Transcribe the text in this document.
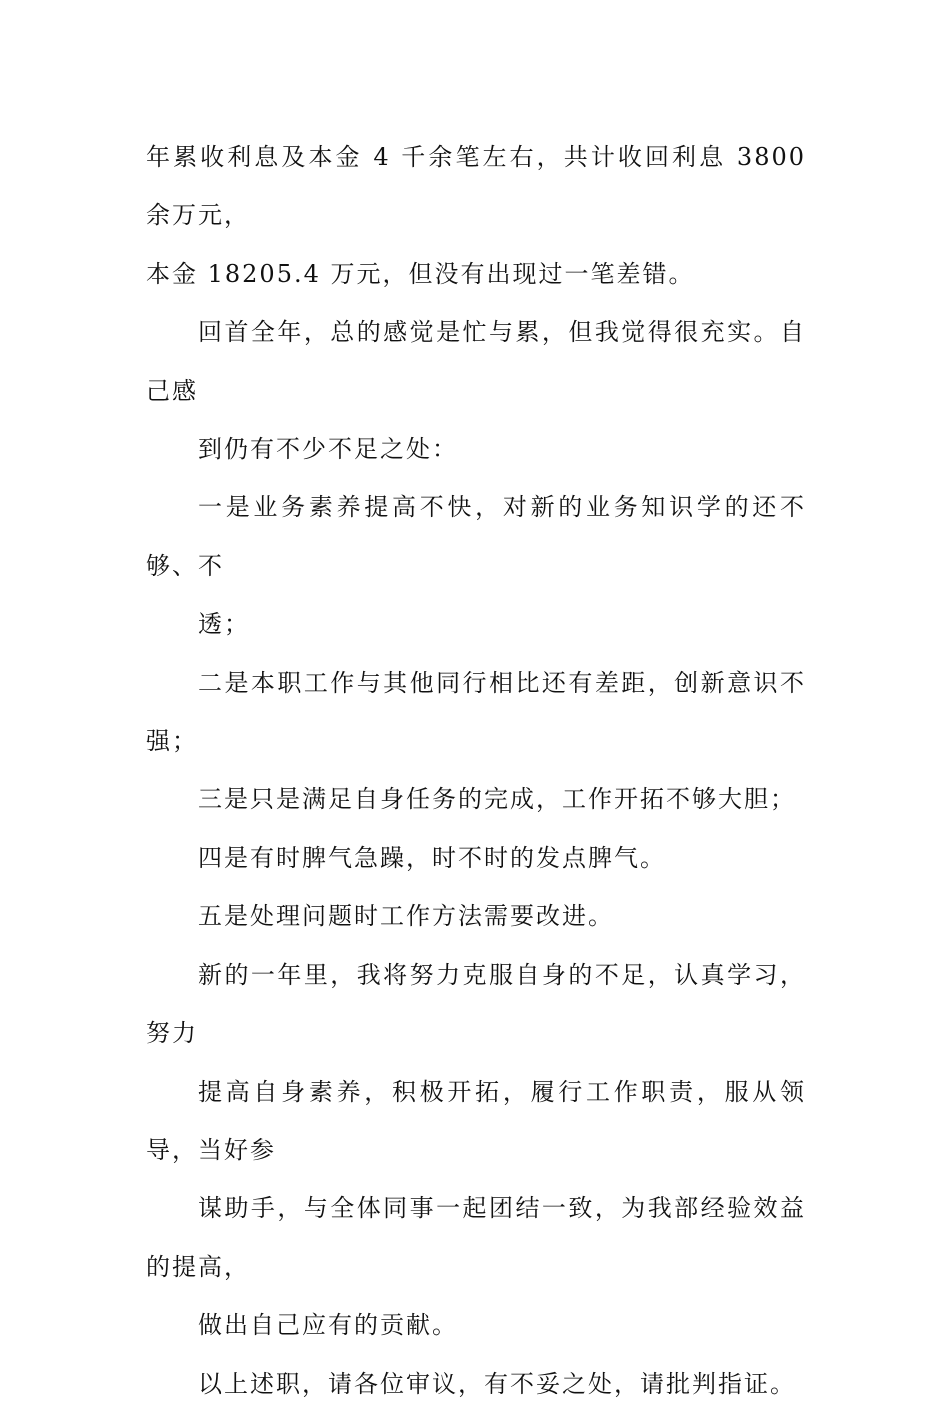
年累收利息及本金 4 千余笔左右，共计收回利息 3800 余万元，
本金 18205.4 万元，但没有出现过一笔差错。

回首全年，总的感觉是忙与累，但我觉得很充实。自己感
到仍有不少不足之处：

一是业务素养提高不快，对新的业务知识学的还不够、不
透；

二是本职工作与其他同行相比还有差距，创新意识不强；

三是只是满足自身任务的完成，工作开拓不够大胆；

四是有时脾气急躁，时不时的发点脾气。

五是处理问题时工作方法需要改进。

新的一年里，我将努力克服自身的不足，认真学习，努力
提高自身素养，积极开拓，履行工作职责，服从领导，当好参
谋助手，与全体同事一起团结一致，为我部经验效益的提高，
做出自己应有的贡献。

以上述职，请各位审议，有不妥之处，请批判指证。
